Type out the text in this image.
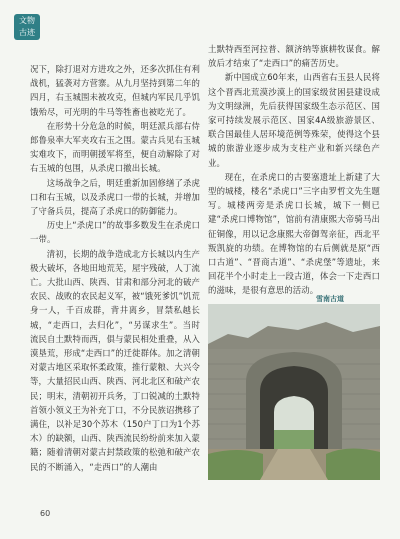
文物
古迹

况下，除打退对方进攻之外，还多次抓住有利战机，猛袭对方营寨。从九月坚持到第二年的四月，右玉城围未被攻克，但城内军民几乎饥饿殆尽，可光明的牛马等牲畜也被吃光了。

在形势十分危急的时候，明廷派兵部右侍郎鲁泉率大军夹攻右玉之围。蒙古兵见右玉城实难攻下，而明朝援军将至，便自动解除了对右玉城的包围，从杀虎口撤出长城。

这场战争之后，明廷重新加固修缮了杀虎口和右玉城，以及杀虎口一带的长城，并增加了守备兵员，提高了杀虎口的防御能力。

历史上“杀虎口”的故事多数发生在杀虎口一带。

清初，长期的战争造成北方长城以内生产极大破坏，各地田地荒芜，屋宇残破，人丁流亡。大批山西、陕西、甘肃和部分河北的破产农民、战败的农民起义军，被“饿死爹饥”饥荒身一人，千百成群，背井离乡，冒禁私越长城，“走西口，去归化”，“另谋求生”。当时流民自土默特而西，俱与蒙民相处重叠，从入漠垦荒，形成“走西口”的迁徙群体。加之清朝对蒙古地区采取怀柔政策，推行蒙粮、大兴令等，大量招民山西、陕西、河北北区和破产农民；明末，清朝初开兵务，丁口锐减的土默特首领小领义王为补充丁口，不分民族诏携移了满住，以补足30个苏木（150户丁口为1个苏木）的缺额，山西、陕西流民纷纷前来加入蒙籍；随着清朝对蒙古封禁政策的松弛和破产农民的不断涌入，“走西口”的人潮由

土默特西至河拉普、额济纳等旗耕牧谋食。解放后才结束了“走西口”的痛苦历史。

新中国成立60年来，山西省右玉县人民将这个晋西北荒漠沙漠上的国家级贫困县建设成为文明绿洲，先后获得国家级生态示范区、国家可持续发展示范区、国家4A级旅游景区、联合国最佳人居环境范例等殊荣，使得这个县城的旅游业逐步成为支柱产业和新兴绿色产业。

现在，在杀虎口的古要塞遗址上新建了大型的城楼，楼名“杀虎口”三字由罗哲文先生题写。城楼两旁是杀虎口长城，城下一侧已建“杀虎口博物馆”，馆前有清康熙大帝骑马出征铜像，用以记念康熙大帝御驾亲征，西北平叛凯旋的功绩。在博物馆的右后侧就是原“西口古道”、“晋商古道”、“杀虎堡”等遗址，来回花半个小时走上一段古道，体会一下走西口的滋味，是很有意思的活动。

雪南古道
60
